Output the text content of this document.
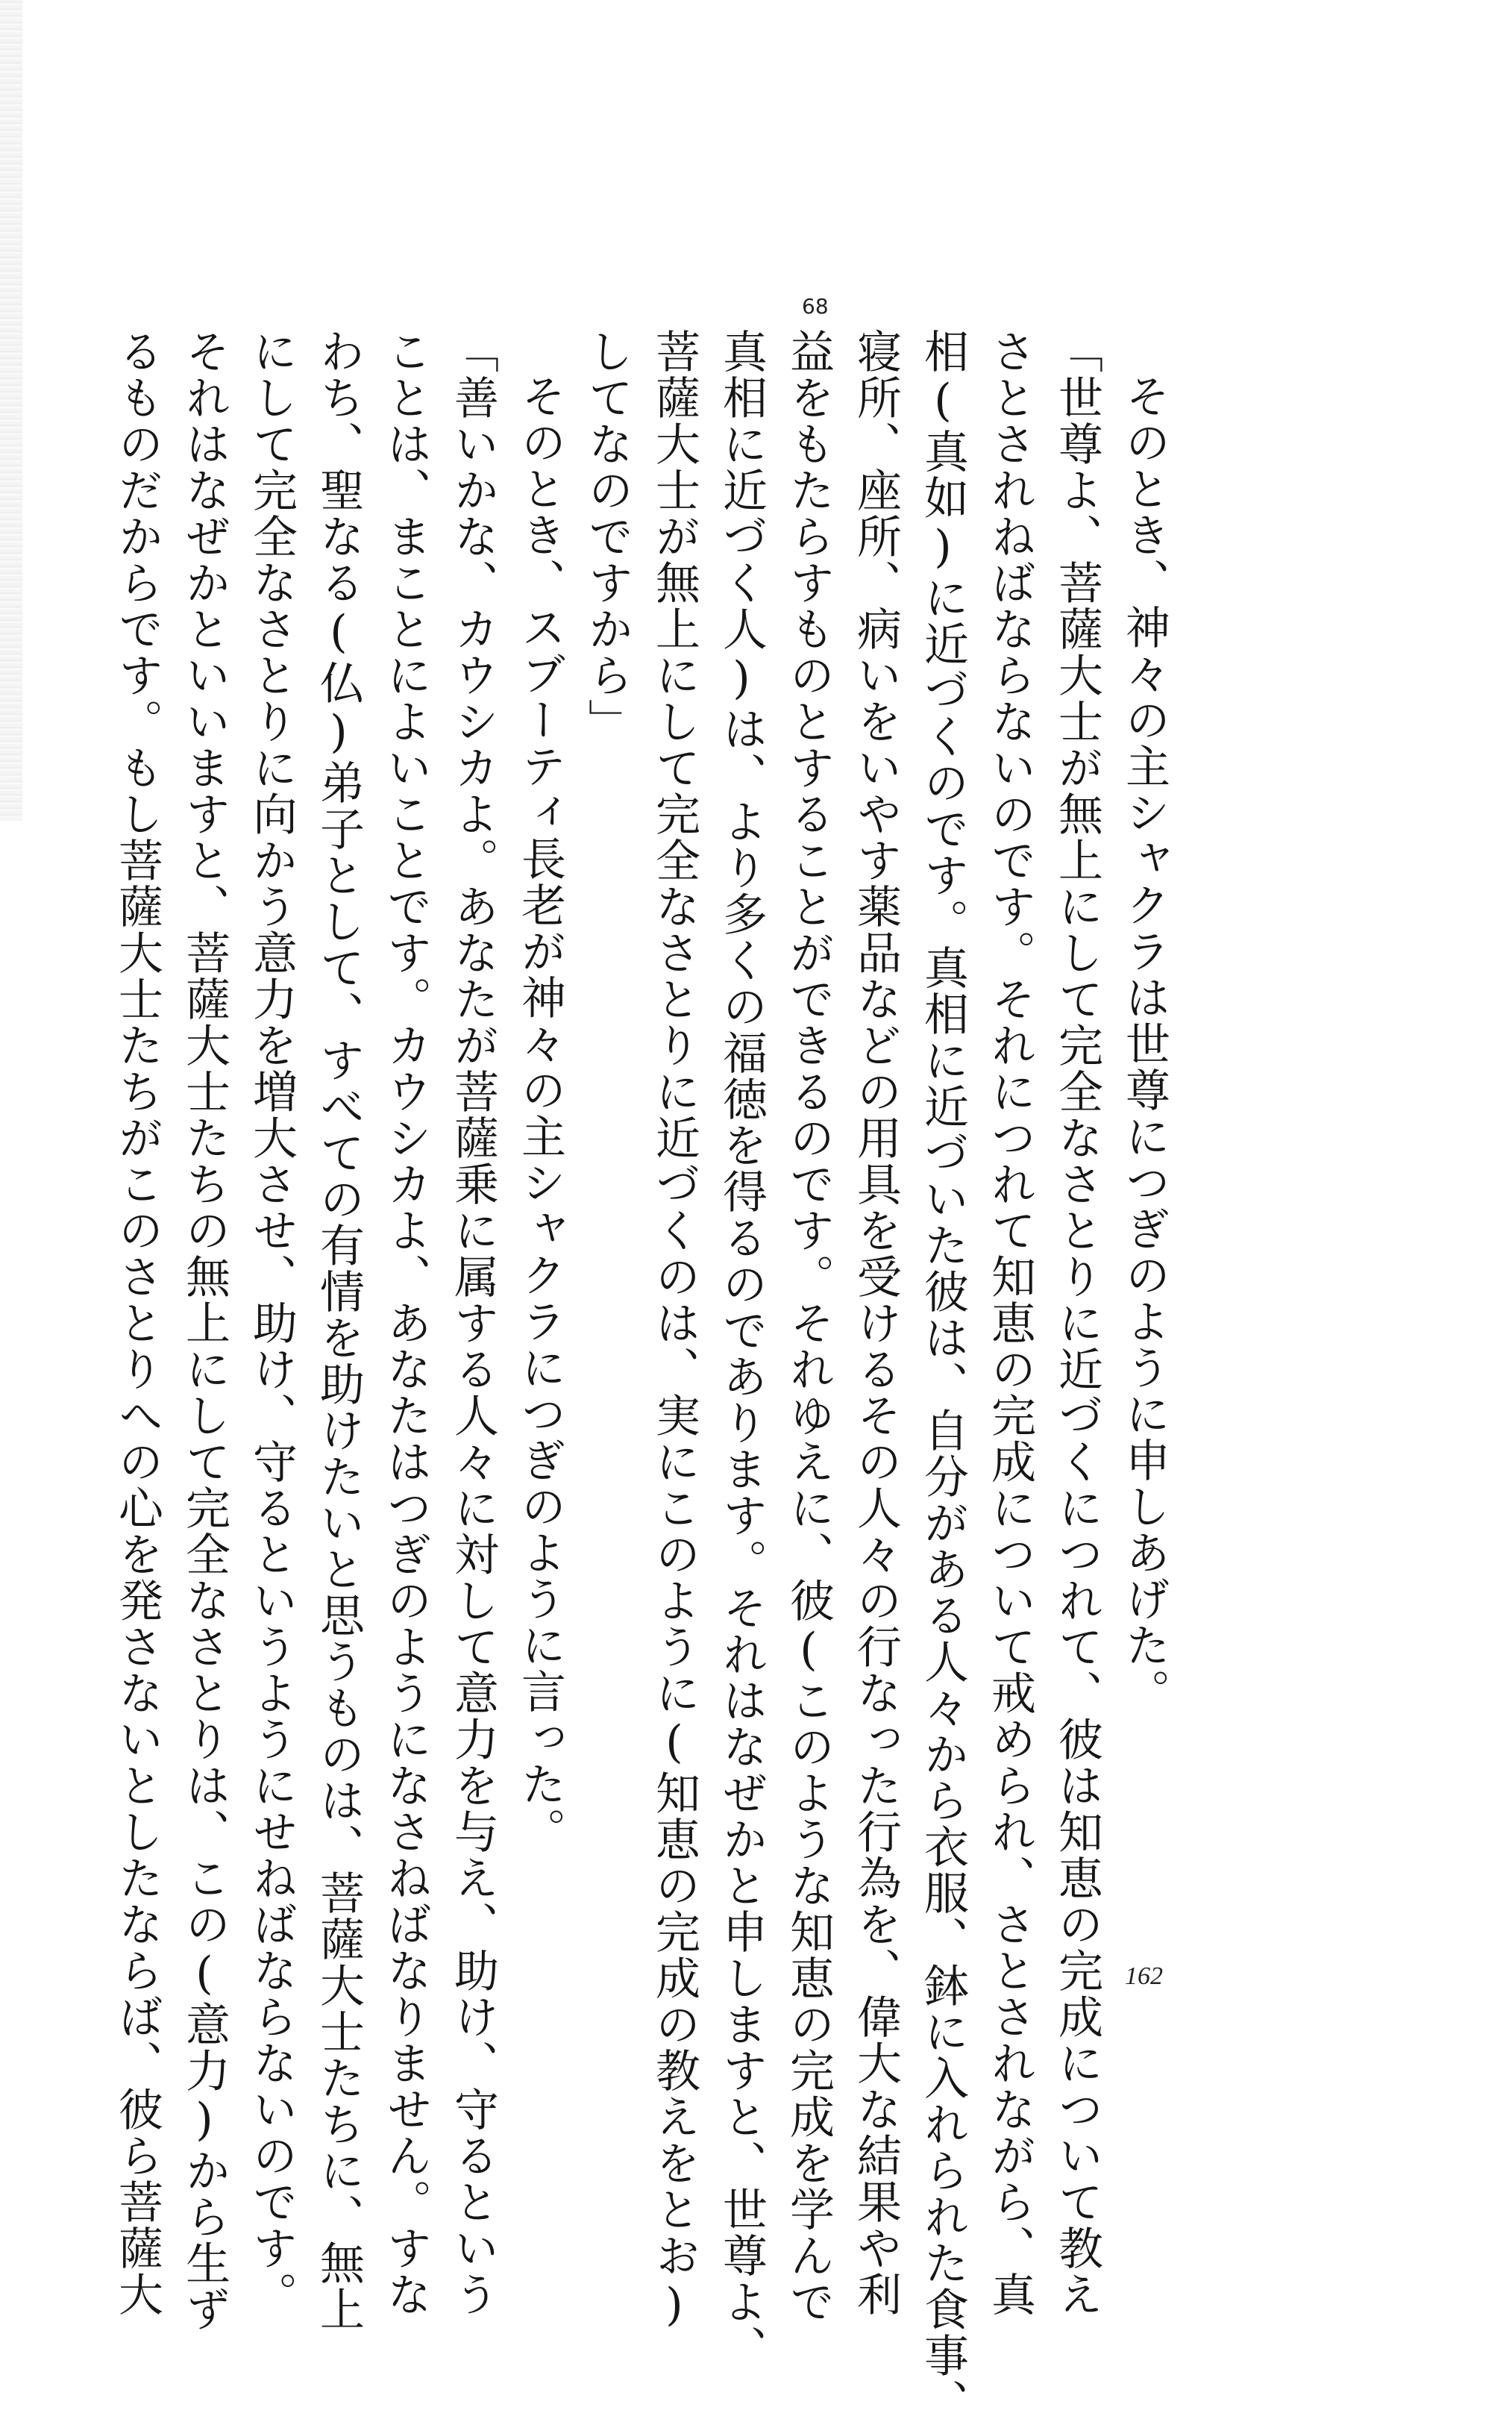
68
そのとき、神々の主シャクラは世尊につぎのように申しあげた。
「世尊よ、菩薩大士が無上にして完全なさとりに近づくにつれて、彼は知恵の完成について教え
さとされねばならないのです。それにつれて知恵の完成について戒められ、さとされながら、真
相(真如)に近づくのです。真相に近づいた彼は、自分がある人々から衣服、鉢に入れられた食事、
寝所、座所、病いをいやす薬品などの用具を受けるその人々の行なった行為を、偉大な結果や利
益をもたらすものとすることができるのです。それゆえに、彼(このような知恵の完成を学んで
真相に近づく人)は、より多くの福徳を得るのであります。それはなぜかと申しますと、世尊よ、
菩薩大士が無上にして完全なさとりに近づくのは、実にこのように(知恵の完成の教えをとお)
してなのですから」
そのとき、スブーティ長老が神々の主シャクラにつぎのように言った。
「善いかな、カウシカよ。あなたが菩薩乗に属する人々に対して意力を与え、助け、守るという
ことは、まことによいことです。カウシカよ、あなたはつぎのようになさねばなりません。すな
わち、聖なる(仏)弟子として、すべての有情を助けたいと思うものは、菩薩大士たちに、無上
にして完全なさとりに向かう意力を増大させ、助け、守るというようにせねばならないのです。
それはなぜかといいますと、菩薩大士たちの無上にして完全なさとりは、この(意力)から生ず
るものだからです。もし菩薩大士たちがこのさとりへの心を発さないとしたならば、彼ら菩薩大	162
